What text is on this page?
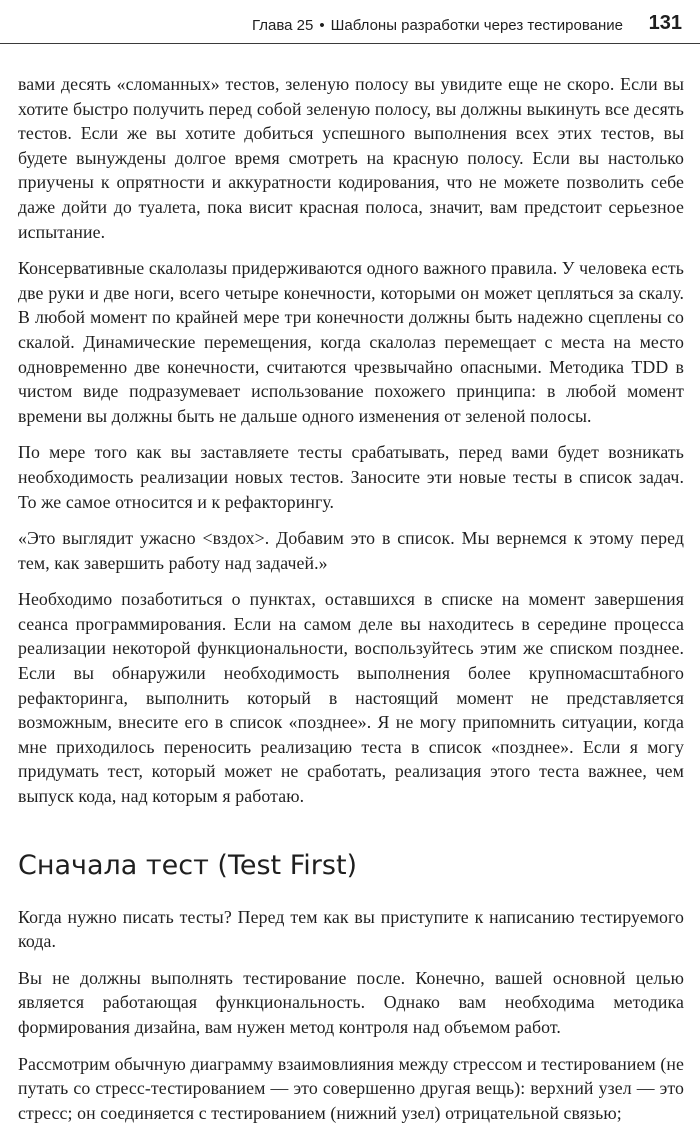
Глава 25 • Шаблоны разработки через тестирование 131

вами десять «сломанных» тестов, зеленую полосу вы увидите еще не скоро. Если вы хотите быстро получить перед собой зеленую полосу, вы должны выкинуть все десять тестов. Если же вы хотите добиться успешного выполнения всех этих тестов, вы будете вынуждены долгое время смотреть на красную полосу. Если вы настолько приучены к опрятности и аккуратности кодирования, что не можете позволить себе даже дойти до туалета, пока висит красная полоса, значит, вам предстоит серьезное испытание.

Консервативные скалолазы придерживаются одного важного правила. У человека есть две руки и две ноги, всего четыре конечности, которыми он может цепляться за скалу. В любой момент по крайней мере три конечности должны быть надежно сцеплены со скалой. Динамические перемещения, когда скалолаз перемещает с места на место одновременно две конечности, считаются чрезвычайно опасными. Методика TDD в чистом виде подразумевает использование похожего принципа: в любой момент времени вы должны быть не дальше одного изменения от зеленой полосы.

По мере того как вы заставляете тесты срабатывать, перед вами будет возникать необходимость реализации новых тестов. Заносите эти новые тесты в список задач. То же самое относится и к рефакторингу.

«Это выглядит ужасно <вздох>. Добавим это в список. Мы вернемся к этому перед тем, как завершить работу над задачей.»

Необходимо позаботиться о пунктах, оставшихся в списке на момент завершения сеанса программирования. Если на самом деле вы находитесь в середине процесса реализации некоторой функциональности, воспользуйтесь этим же списком позднее. Если вы обнаружили необходимость выполнения более крупномасштабного рефакторинга, выполнить который в настоящий момент не представляется возможным, внесите его в список «позднее». Я не могу припомнить ситуации, когда мне приходилось переносить реализацию теста в список «позднее». Если я могу придумать тест, который может не сработать, реализация этого теста важнее, чем выпуск кода, над которым я работаю.

Сначала тест (Test First)

Когда нужно писать тесты? Перед тем как вы приступите к написанию тестируемого кода.

Вы не должны выполнять тестирование после. Конечно, вашей основной целью является работающая функциональность. Однако вам необходима методика формирования дизайна, вам нужен метод контроля над объемом работ.

Рассмотрим обычную диаграмму взаимовлияния между стрессом и тестированием (не путать со стресс-тестированием — это совершенно другая вещь): верхний узел — это стресс; он соединяется с тестированием (нижний узел) отрицательной связью;
